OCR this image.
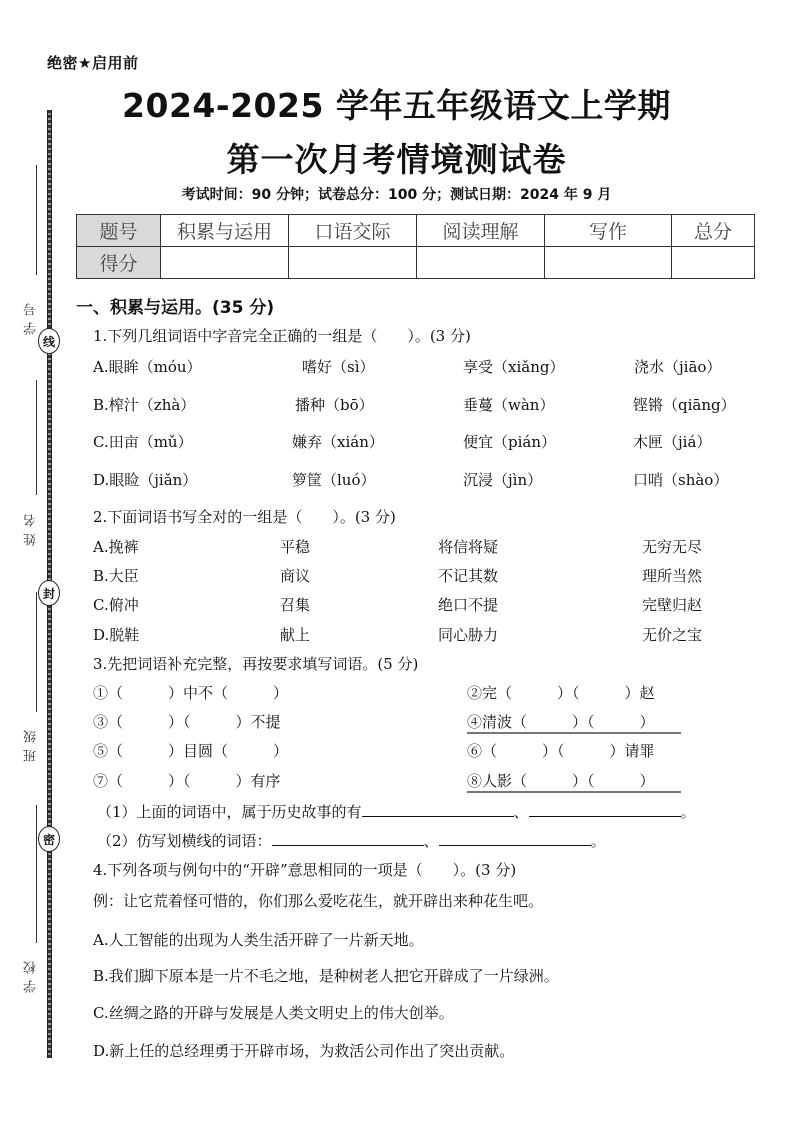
线
封
密
学号
姓名
班级
学校
绝密★启用前
2024-2025 学年五年级语文上学期
第一次月考情境测试卷
考试时间：90 分钟；试卷总分：100 分；测试日期：2024 年 9 月
题号	积累与运用	口语交际	阅读理解	写作	总分
得分					
一、积累与运用。(35 分)
1.下列几组词语中字音完全正确的一组是（　　）。(3 分)
A.眼眸（móu）	嗜好（sì）	享受（xiǎng）	浇水（jiāo）
B.榨汁（zhà）	播种（bō）	垂蔓（wàn）	铿锵（qiāng）
C.田亩（mǔ）	嫌弃（xián）	便宜（pián）	木匣（jiá）
D.眼睑（jiǎn）	箩筐（luó）	沉浸（jìn）	口哨（shào）
2.下面词语书写全对的一组是（　　）。(3 分)
A.挽裤	平稳	将信将疑	无穷无尽
B.大臣	商议	不记其数	理所当然
C.俯冲	召集	绝口不提	完壁归赵
D.脱鞋	献上	同心胁力	无价之宝
3.先把词语补充完整，再按要求填写词语。(5 分)
①（　　　）中不（　　　）	②完（　　　）（　　　）赵
③（　　　）（　　　）不提	④清波（　　　）（　　　）
⑤（　　　）目圆（　　　）	⑥（　　　）（　　　）请罪
⑦（　　　）（　　　）有序	⑧人影（　　　）（　　　）
（1）上面的词语中，属于历史故事的有	、	。
（2）仿写划横线的词语：	、	。
4.下列各项与例句中的“开辟”意思相同的一项是（　　）。(3 分)
例：让它荒着怪可惜的，你们那么爱吃花生，就开辟出来种花生吧。
A.人工智能的出现为人类生活开辟了一片新天地。
B.我们脚下原本是一片不毛之地，是种树老人把它开辟成了一片绿洲。
C.丝绸之路的开辟与发展是人类文明史上的伟大创举。
D.新上任的总经理勇于开辟市场，为救活公司作出了突出贡献。
